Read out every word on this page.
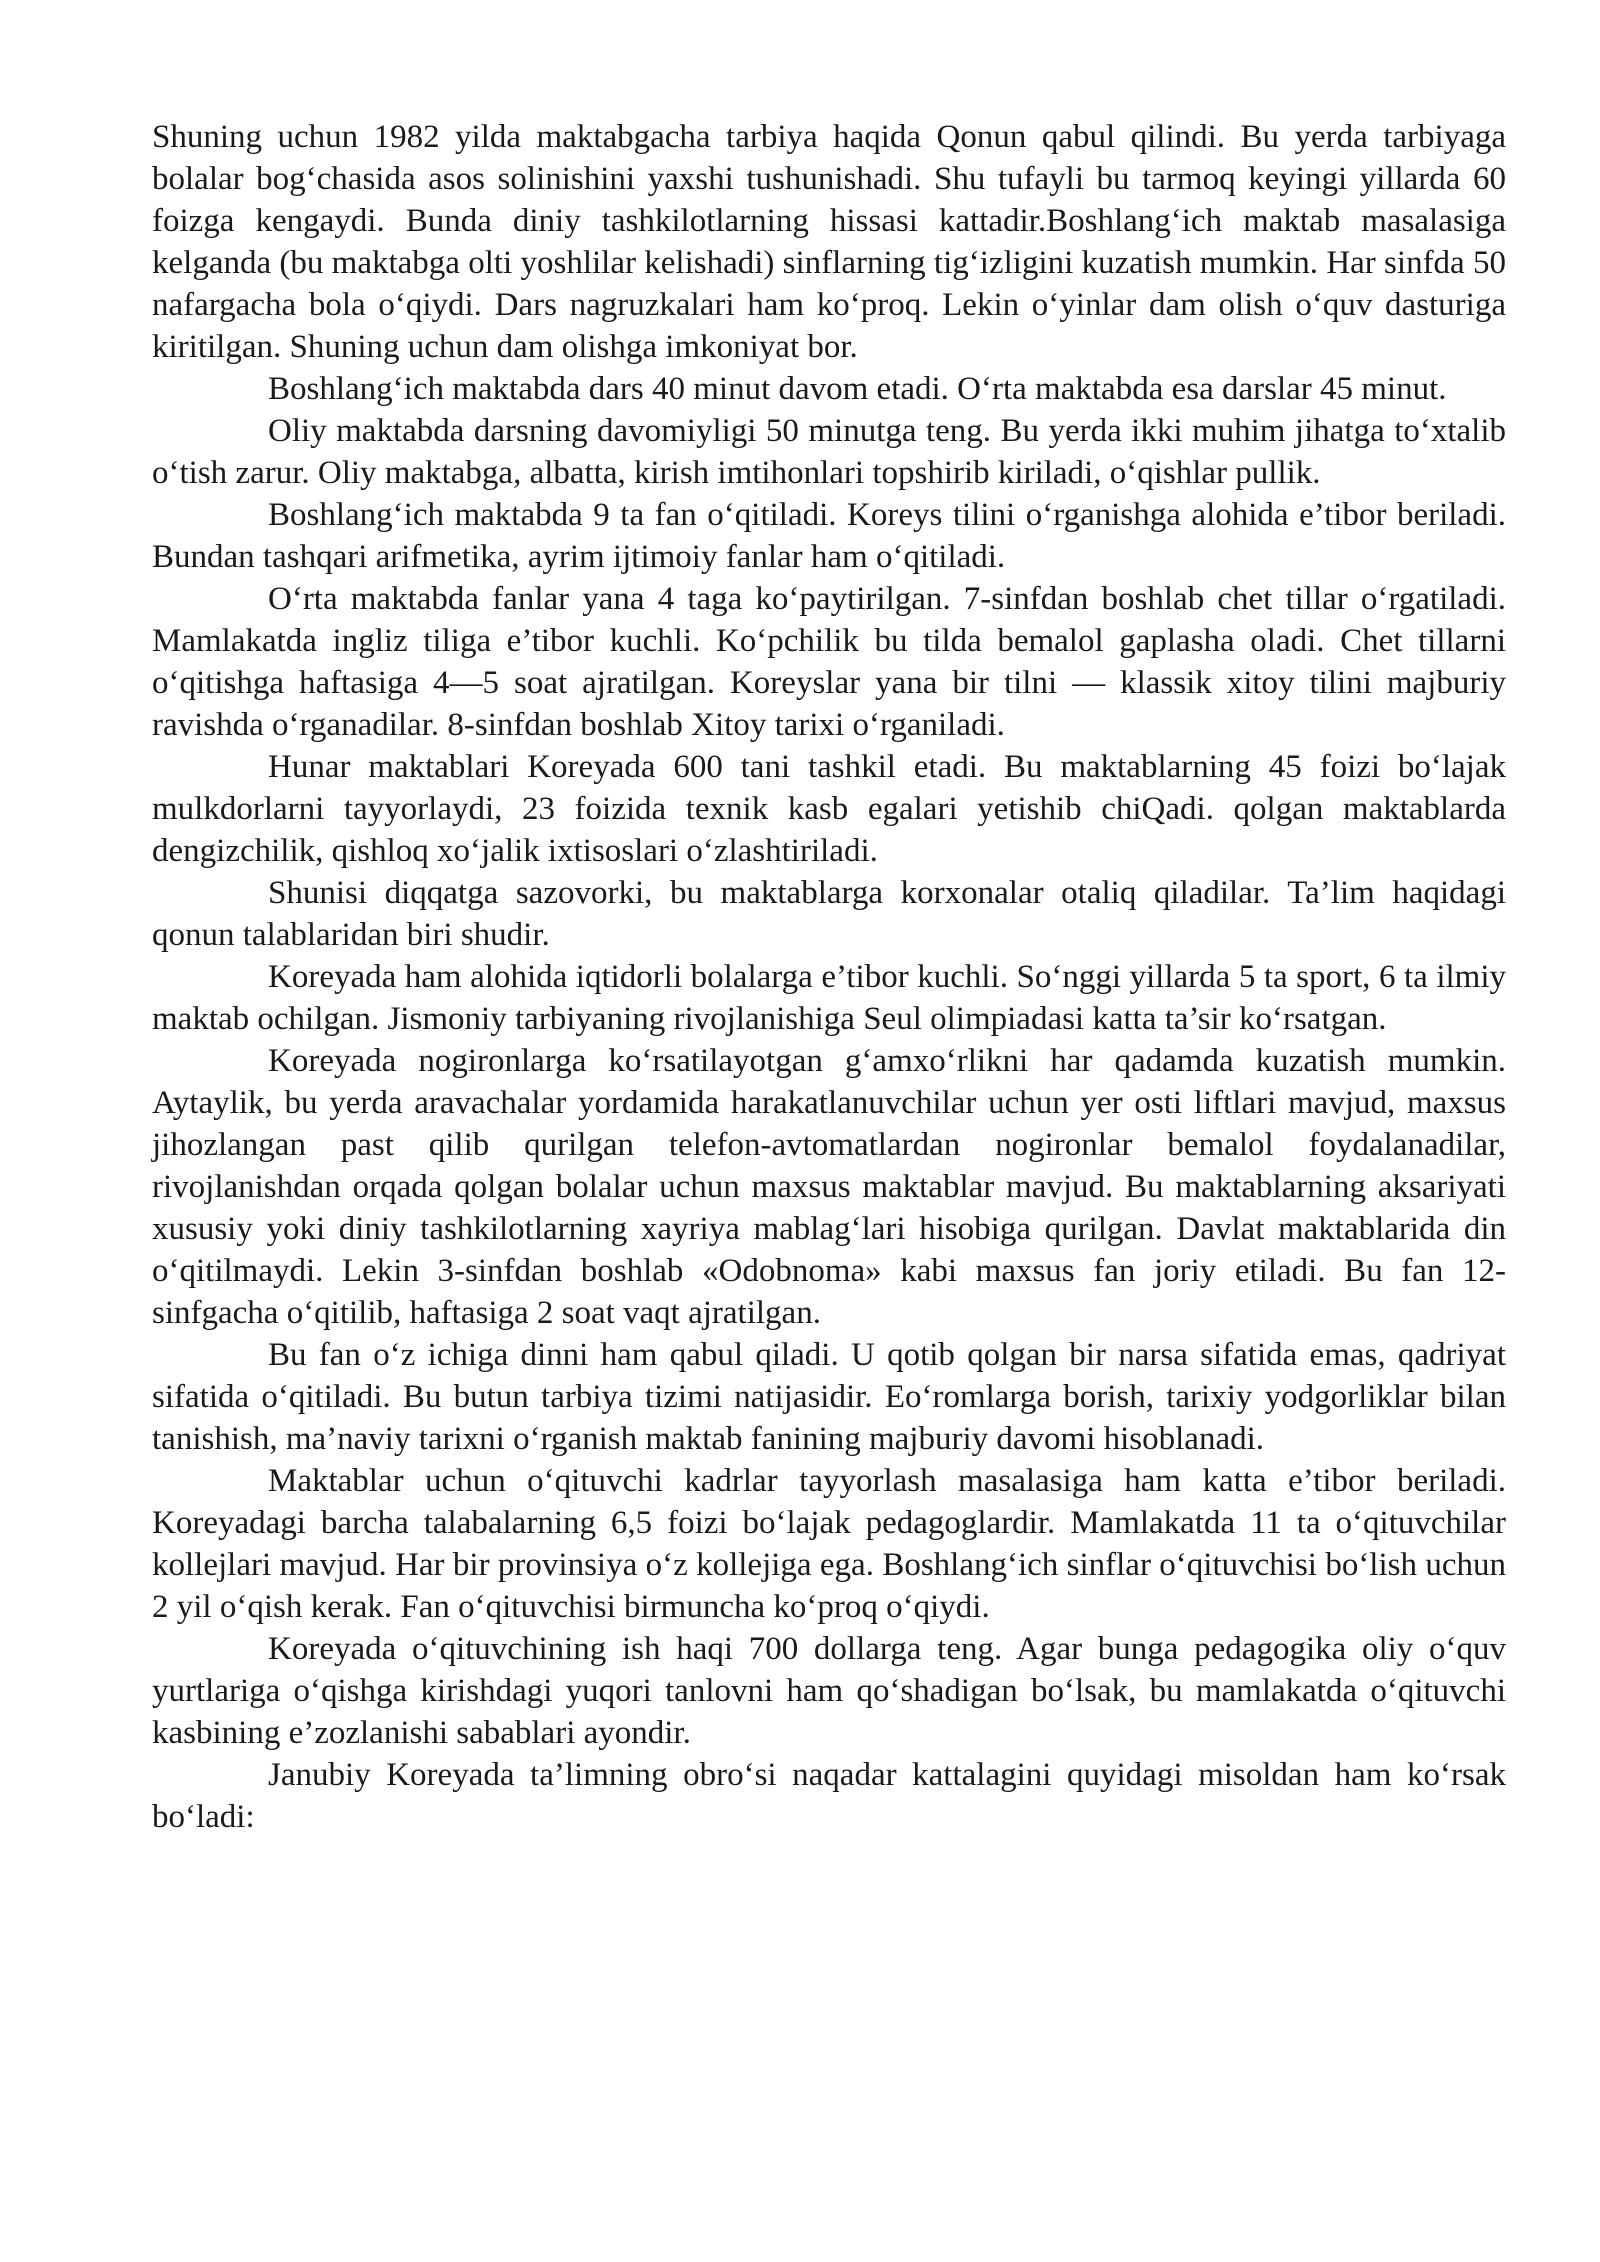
Shuning uchun 1982 yilda maktabgacha tarbiya haqida Qonun qabul qilindi. Bu yerda tarbiyaga bolalar bog‘chasida asos solinishini yaxshi tushunishadi. Shu tufayli bu tarmoq keyingi yillarda 60 foizga kengaydi. Bunda diniy tashkilotlarning hissasi kattadir.Boshlang‘ich maktab masalasiga kelganda (bu maktabga olti yoshlilar kelishadi) sinflarning tig‘izligini kuzatish mumkin. Har sinfda 50 nafargacha bola o‘qiydi. Dars nagruzkalari ham ko‘proq. Lekin o‘yinlar dam olish o‘quv dasturiga kiritilgan. Shuning uchun dam olishga imkoniyat bor.

Boshlang‘ich maktabda dars 40 minut davom etadi. O‘rta maktabda esa darslar 45 minut.

Oliy maktabda darsning davomiyligi 50 minutga teng. Bu yerda ikki muhim jihatga to‘xtalib o‘tish zarur. Oliy maktabga, albatta, kirish imtihonlari topshirib kiriladi, o‘qishlar pullik.

Boshlang‘ich maktabda 9 ta fan o‘qitiladi. Koreys tilini o‘rganishga alohida e’tibor beriladi. Bundan tashqari arifmetika, ayrim ijtimoiy fanlar ham o‘qitiladi.

O‘rta maktabda fanlar yana 4 taga ko‘paytirilgan. 7-sinfdan boshlab chet tillar o‘rgatiladi. Mamlakatda ingliz tiliga e’tibor kuchli. Ko‘pchilik bu tilda bemalol gaplasha oladi. Chet tillarni o‘qitishga haftasiga 4—5 soat ajratilgan. Koreyslar yana bir tilni — klassik xitoy tilini majburiy ravishda o‘rganadilar. 8-sinfdan boshlab Xitoy tarixi o‘rganiladi.

Hunar maktablari Koreyada 600 tani tashkil etadi. Bu maktablarning 45 foizi bo‘lajak mulkdorlarni tayyorlaydi, 23 foizida texnik kasb egalari yetishib chiQadi. qolgan maktablarda dengizchilik, qishloq xo‘jalik ixtisoslari o‘zlashtiriladi.

Shunisi diqqatga sazovorki, bu maktablarga korxonalar otaliq qiladilar. Ta’lim haqidagi qonun talablaridan biri shudir.

Koreyada ham alohida iqtidorli bolalarga e’tibor kuchli. So‘nggi yillarda 5 ta sport, 6 ta ilmiy maktab ochilgan. Jismoniy tarbiyaning rivojlanishiga Seul olimpiadasi katta ta’sir ko‘rsatgan.

Koreyada nogironlarga ko‘rsatilayotgan g‘amxo‘rlikni har qadamda kuzatish mumkin. Aytaylik, bu yerda aravachalar yordamida harakatlanuvchilar uchun yer osti liftlari mavjud, maxsus jihozlangan past qilib qurilgan telefon-avtomatlardan nogironlar bemalol foydalanadilar, rivojlanishdan orqada qolgan bolalar uchun maxsus maktablar mavjud. Bu maktablarning aksariyati xususiy yoki diniy tashkilotlarning xayriya mablag‘lari hisobiga qurilgan. Davlat maktablarida din o‘qitilmaydi. Lekin 3-sinfdan boshlab «Odobnoma» kabi maxsus fan joriy etiladi. Bu fan 12-sinfgacha o‘qitilib, haftasiga 2 soat vaqt ajratilgan.

Bu fan o‘z ichiga dinni ham qabul qiladi. U qotib qolgan bir narsa sifatida emas, qadriyat sifatida o‘qitiladi. Bu butun tarbiya tizimi natijasidir. Eo‘romlarga borish, tarixiy yodgorliklar bilan tanishish, ma’naviy tarixni o‘rganish maktab fanining majburiy davomi hisoblanadi.

Maktablar uchun o‘qituvchi kadrlar tayyorlash masalasiga ham katta e’tibor beriladi. Koreyadagi barcha talabalarning 6,5 foizi bo‘lajak pedagoglardir. Mamlakatda 11 ta o‘qituvchilar kollejlari mavjud. Har bir provinsiya o‘z kollejiga ega. Boshlang‘ich sinflar o‘qituvchisi bo‘lish uchun 2 yil o‘qish kerak. Fan o‘qituvchisi birmuncha ko‘proq o‘qiydi.

Koreyada o‘qituvchining ish haqi 700 dollarga teng. Agar bunga pedagogika oliy o‘quv yurtlariga o‘qishga kirishdagi yuqori tanlovni ham qo‘shadigan bo‘lsak, bu mamlakatda o‘qituvchi kasbining e’zozlanishi sabablari ayondir.

Janubiy Koreyada ta’limning obro‘si naqadar kattalagini quyidagi misoldan ham ko‘rsak bo‘ladi:
